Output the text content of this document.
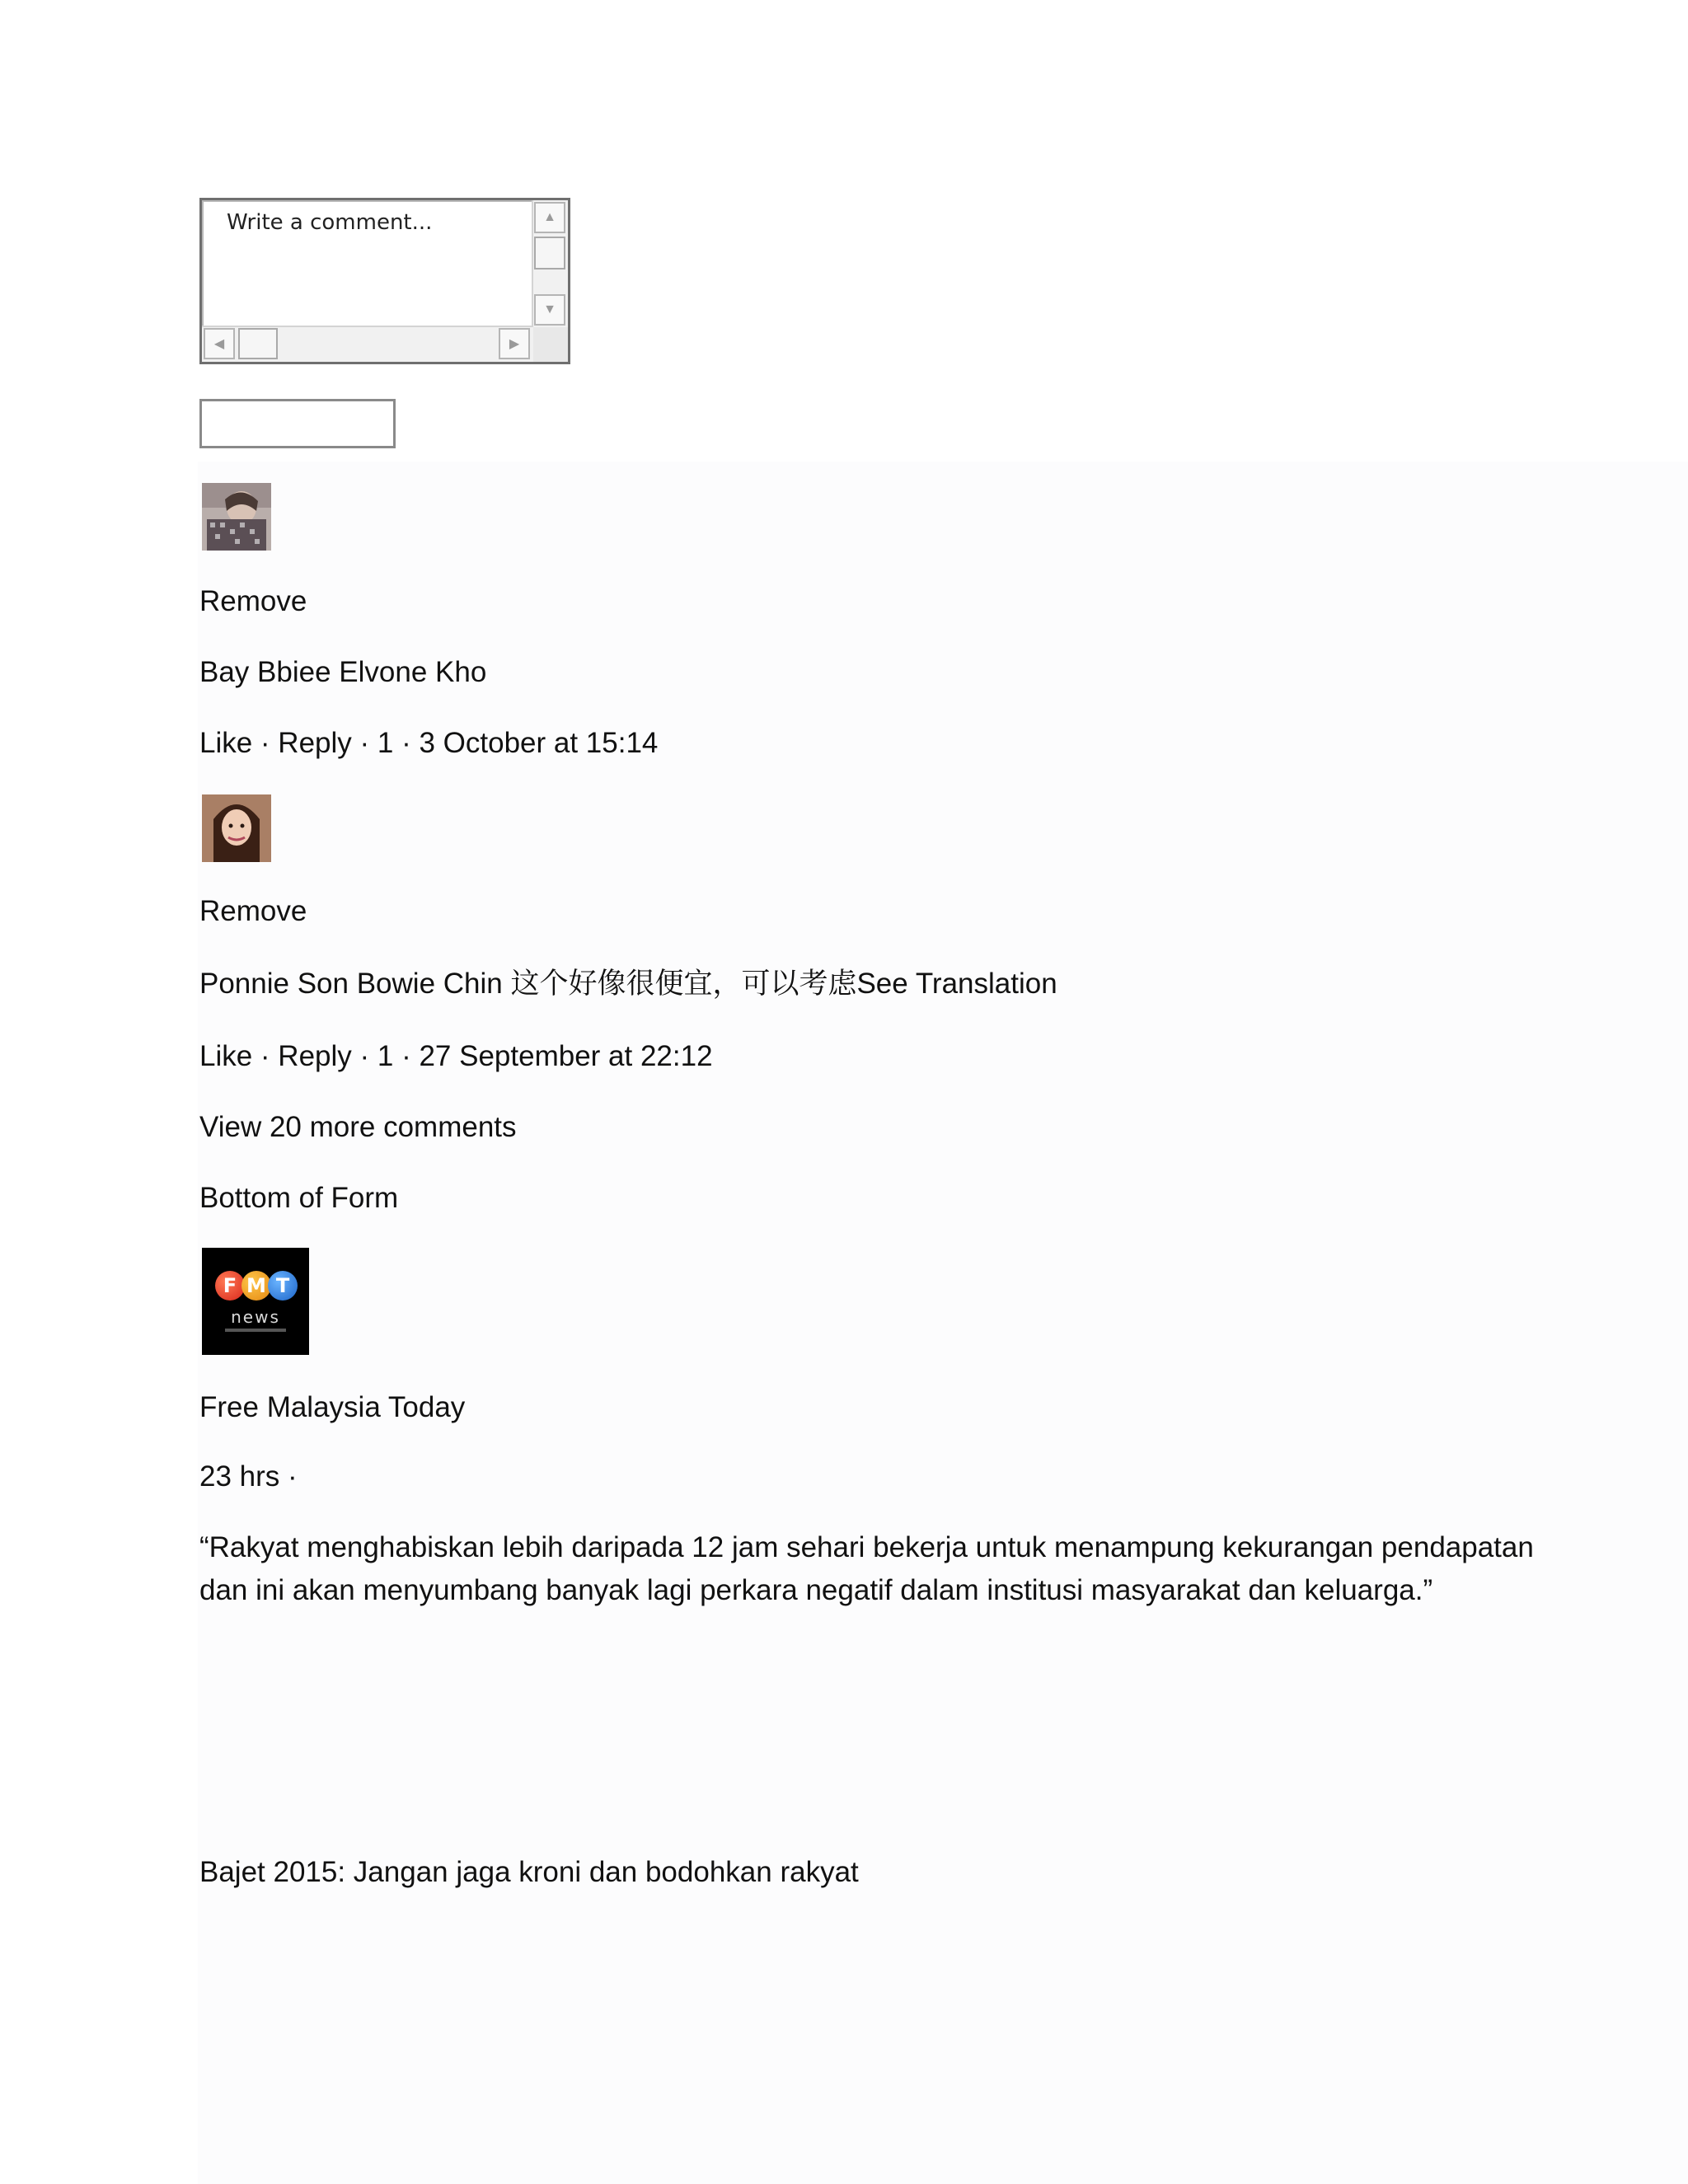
Write a comment...	▲
▼
◀	▶
Remove
Bay Bbiee Elvone Kho
Like · Reply · 1 · 3 October at 15:14
Remove
Ponnie Son Bowie Chin 这个好像很便宜，可以考虑See Translation
Like · Reply · 1 · 27 September at 22:12
View 20 more comments
Bottom of Form
F M T
news
Free Malaysia Today
23 hrs ·
“Rakyat menghabiskan lebih daripada 12 jam sehari bekerja untuk menampung kekurangan pendapatan dan ini akan menyumbang banyak lagi perkara negatif dalam institusi masyarakat dan keluarga.”
Bajet 2015: Jangan jaga kroni dan bodohkan rakyat
